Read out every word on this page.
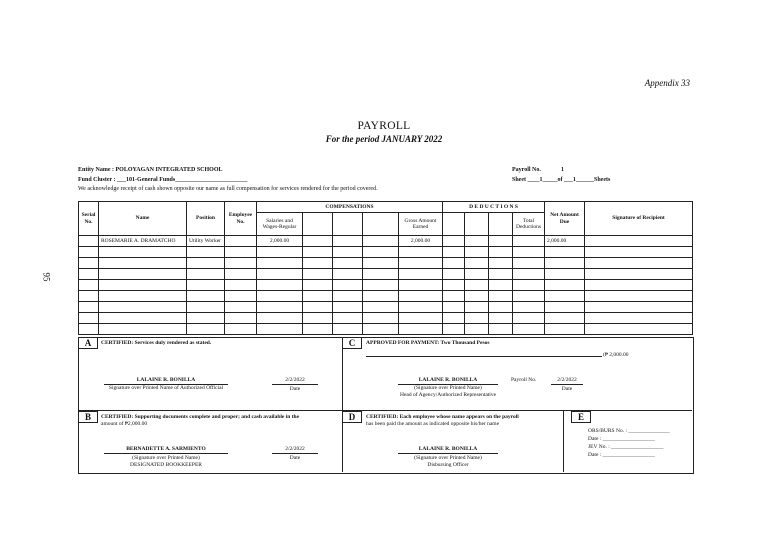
Appendix 33
PAYROLL
For the period JANUARY 2022
Entity Name : POLOYAGAN INTEGRATED SCHOOL
Fund Cluster : ___101-General Funds________________________
We acknowledge receipt of cash shown opposite our name as full compensation for services rendered for the period covered.
Payroll No.	1
Sheet ____1_____of ___1______Sheets
95
Serial No.	Name	Position	Employee No.	COMPENSATIONS					D E D U C T I O N S				Net Amount Due	Signature of Recipient
				Salaries and Wages-Regular				Gross Amount Earned				Total Deductions		
	ROSEMARIE A. DRAMATCHO	Utility Worker		2,000.00				2,000.00					2,000.00	

A	CERTIFIED: Services duly rendered as stated.
LALAINE R. BONILLA
Signature over Printed Name of Authorized Official
2/2/2022
Date
C	APPROVED FOR PAYMENT: Two Thousand Pesos
(₱ 2,000.00
LALAINE R. BONILLA
(Signature over Printed Name)
Head of Agency/Authorized Representative
Payroll No.	2/2/2022
Date
B	CERTIFIED: Supporting documents complete and proper; and cash available in the
amount of ₱2,000.00
BERNADETTE A. SARMIENTO
(Signature over Printed Name)
DESIGNATED BOOKKEEPER
2/2/2022
Date
D	CERTIFIED: Each employee whose name appears on the payroll
has been paid the amount as indicated opposite his/her name
LALAINE R. BONILLA
(Signature over Printed Name)
Disbursing Officer
E
ORS/BURS No. : _______________
Date : ___________________
JEV No. : ___________________
Date : ___________________
